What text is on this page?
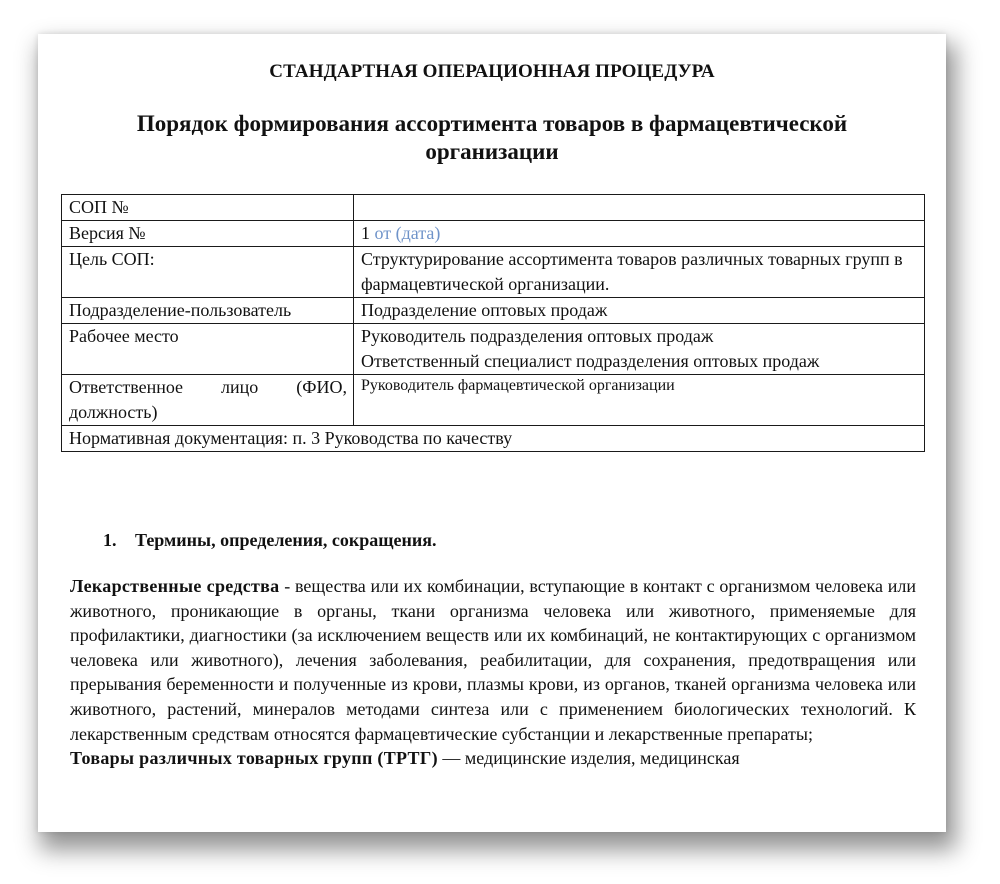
СТАНДАРТНАЯ ОПЕРАЦИОННАЯ ПРОЦЕДУРА
Порядок формирования ассортимента товаров в фармацевтической организации
СОП №	
Версия №	1 от (дата)
Цель СОП:	Структурирование ассортимента товаров различных товарных групп в фармацевтической организации.
Подразделение-пользователь	Подразделение оптовых продаж
Рабочее место	Руководитель подразделения оптовых продаж
Ответственный специалист подразделения оптовых продаж

Ответственное лицо (ФИО, должность)	Руководитель фармацевтической организации
Нормативная документация: п. 3 Руководства по качеству	
1. Термины, определения, сокращения.

Лекарственные средства - вещества или их комбинации, вступающие в контакт с организмом человека или животного, проникающие в органы, ткани организма человека или животного, применяемые для профилактики, диагностики (за исключением веществ или их комбинаций, не контактирующих с организмом человека или животного), лечения заболевания, реабилитации, для сохранения, предотвращения или прерывания беременности и полученные из крови, плазмы крови, из органов, тканей организма человека или животного, растений, минералов методами синтеза или с применением биологических технологий. К лекарственным средствам относятся фармацевтические субстанции и лекарственные препараты;

Товары различных товарных групп (ТРТГ) — медицинские изделия, медицинская
